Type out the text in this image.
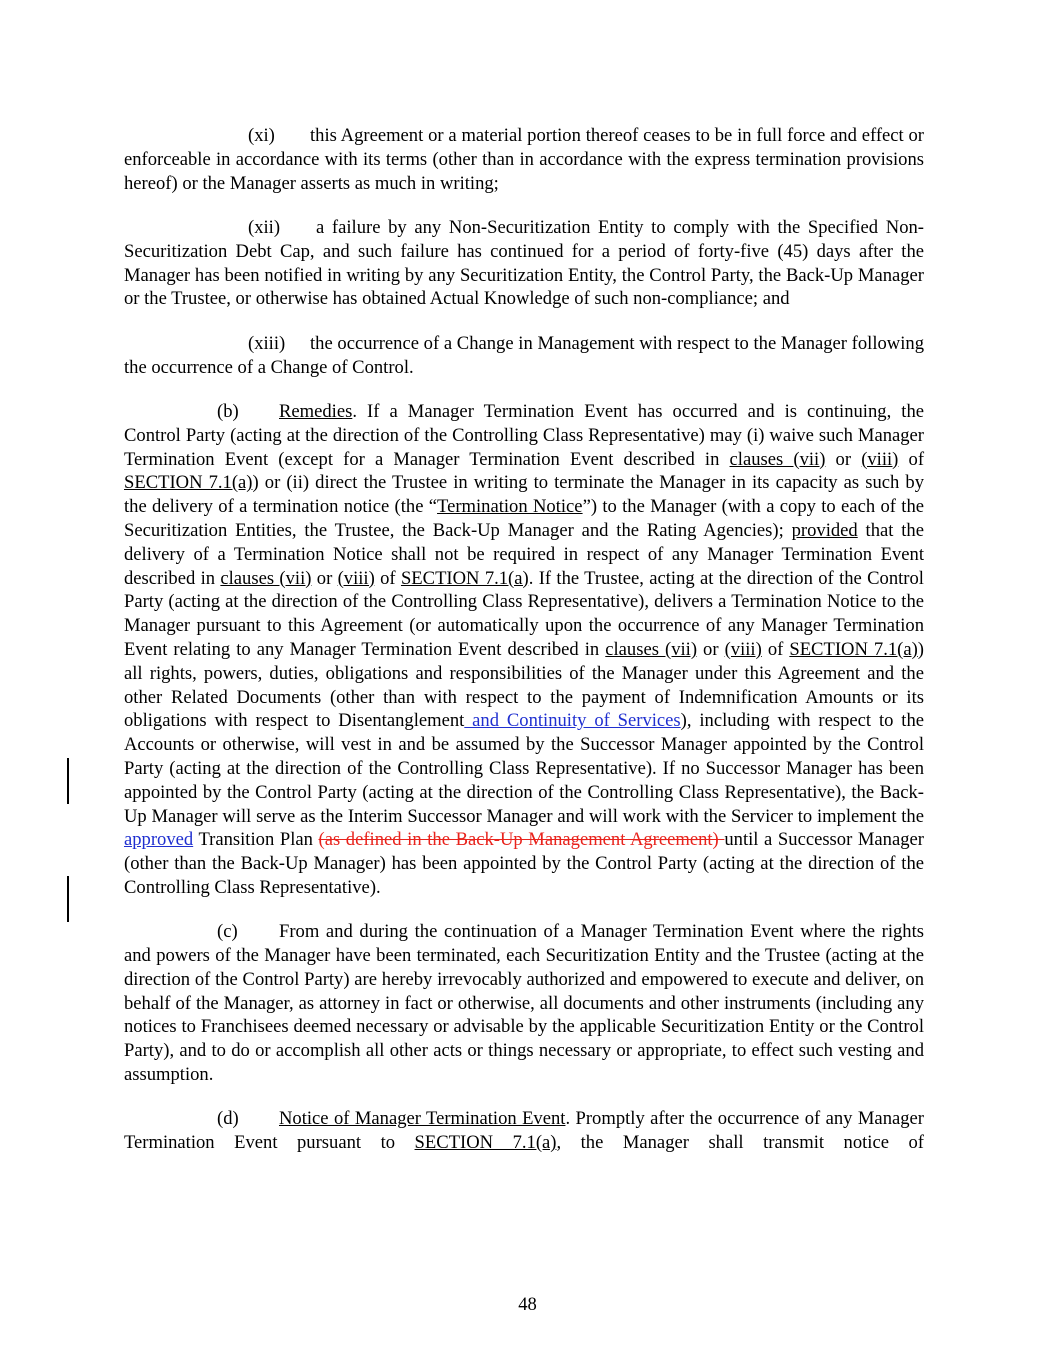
(xi) this Agreement or a material portion thereof ceases to be in full force and effect or enforceable in accordance with its terms (other than in accordance with the express termination provisions hereof) or the Manager asserts as much in writing;

(xii) a failure by any Non-Securitization Entity to comply with the Specified Non-Securitization Debt Cap, and such failure has continued for a period of forty-five (45) days after the Manager has been notified in writing by any Securitization Entity, the Control Party, the Back-Up Manager or the Trustee, or otherwise has obtained Actual Knowledge of such non-compliance; and

(xiii) the occurrence of a Change in Management with respect to the Manager following the occurrence of a Change of Control.

(b) Remedies. If a Manager Termination Event has occurred and is continuing, the Control Party (acting at the direction of the Controlling Class Representative) may (i) waive such Manager Termination Event (except for a Manager Termination Event described in clauses (vii) or (viii) of SECTION 7.1(a)) or (ii) direct the Trustee in writing to terminate the Manager in its capacity as such by the delivery of a termination notice (the “Termination Notice”) to the Manager (with a copy to each of the Securitization Entities, the Trustee, the Back-Up Manager and the Rating Agencies); provided that the delivery of a Termination Notice shall not be required in respect of any Manager Termination Event described in clauses (vii) or (viii) of SECTION 7.1(a). If the Trustee, acting at the direction of the Control Party (acting at the direction of the Controlling Class Representative), delivers a Termination Notice to the Manager pursuant to this Agreement (or automatically upon the occurrence of any Manager Termination Event relating to any Manager Termination Event described in clauses (vii) or (viii) of SECTION 7.1(a)) all rights, powers, duties, obligations and responsibilities of the Manager under this Agreement and the other Related Documents (other than with respect to the payment of Indemnification Amounts or its obligations with respect to Disentanglement and Continuity of Services), including with respect to the Accounts or otherwise, will vest in and be assumed by the Successor Manager appointed by the Control Party (acting at the direction of the Controlling Class Representative). If no Successor Manager has been appointed by the Control Party (acting at the direction of the Controlling Class Representative), the Back-Up Manager will serve as the Interim Successor Manager and will work with the Servicer to implement the approved Transition Plan (as defined in the Back-Up Management Agreement) until a Successor Manager (other than the Back-Up Manager) has been appointed by the Control Party (acting at the direction of the Controlling Class Representative).

(c) From and during the continuation of a Manager Termination Event where the rights and powers of the Manager have been terminated, each Securitization Entity and the Trustee (acting at the direction of the Control Party) are hereby irrevocably authorized and empowered to execute and deliver, on behalf of the Manager, as attorney in fact or otherwise, all documents and other instruments (including any notices to Franchisees deemed necessary or advisable by the applicable Securitization Entity or the Control Party), and to do or accomplish all other acts or things necessary or appropriate, to effect such vesting and assumption.

(d) Notice of Manager Termination Event. Promptly after the occurrence of any Manager Termination Event pursuant to SECTION 7.1(a), the Manager shall transmit notice of

48
